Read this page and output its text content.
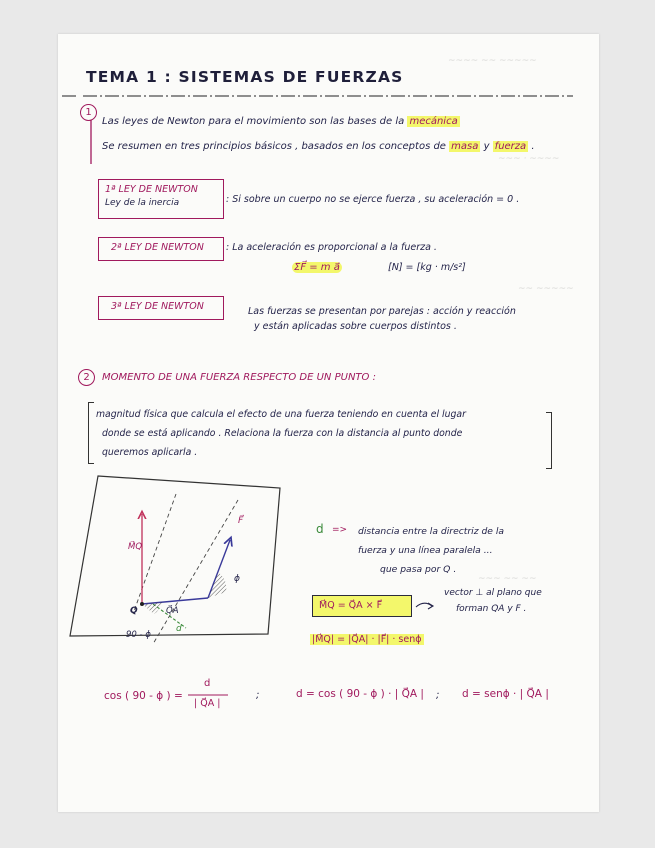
~~~~ ~~ ~~~~~
~~~ · ~~~~
~~ ~~~~~
~~~ ~~ ~~
TEMA 1 : SISTEMAS DE FUERZAS
1
Las leyes de Newton para el movimiento son las bases de la mecánica
Se resumen en tres principios básicos , basados en los conceptos de masa y fuerza .
1ª LEY DE NEWTON
Ley de la inercia	: Si sobre un cuerpo no se ejerce fuerza , su aceleración = 0 .
2ª LEY DE NEWTON	: La aceleración es proporcional a la fuerza .
ΣF⃗ = m a⃗	[N] = [kg · m/s²]
3ª LEY DE NEWTON	Las fuerzas se presentan por parejas : acción y reacción
y están aplicadas sobre cuerpos distintos .
2	MOMENTO DE UNA FUERZA RESPECTO DE UN PUNTO :
magnitud física que calcula el efecto de una fuerza teniendo en cuenta el lugar
donde se está aplicando . Relaciona la fuerza con la distancia al punto donde
queremos aplicarla .
M⃗Q
F⃗
Q	Q⃗A
d
90 - ϕ
ϕ
d => distancia entre la directriz de la
fuerza y una línea paralela ...
que pasa por Q .
M⃗Q = Q⃗A × F⃗
vector ⊥ al plano que
forman QA y F .
|M⃗Q| = |Q⃗A| · |F⃗| · senϕ
cos ( 90 - ϕ ) =
d
| Q⃗A |
;	d = cos ( 90 - ϕ ) · | Q⃗A | ; d = senϕ · | Q⃗A |
